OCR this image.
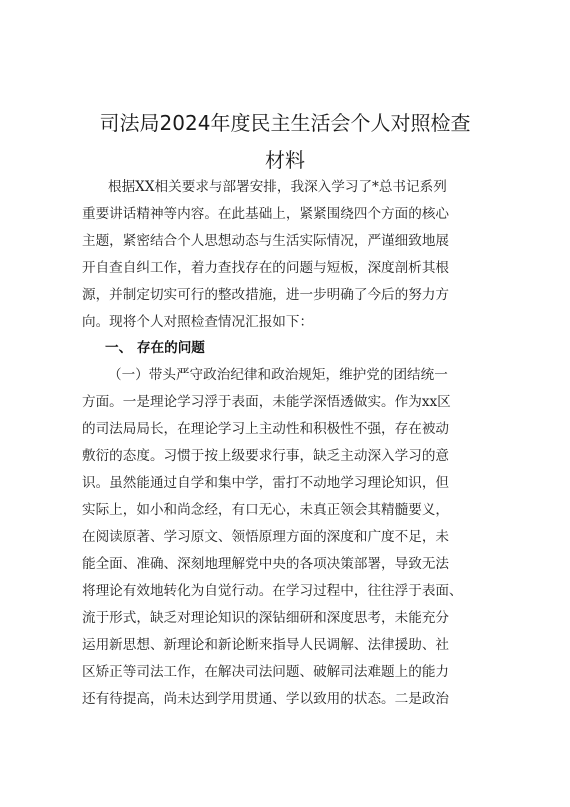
司法局2024年度民主生活会个人对照检查
材料

根据XX相关要求与部署安排，我深入学习了*总书记系列

重要讲话精神等内容。在此基础上，紧紧围绕四个方面的核心

主题，紧密结合个人思想动态与生活实际情况，严谨细致地展

开自查自纠工作，着力查找存在的问题与短板，深度剖析其根

源，并制定切实可行的整改措施，进一步明确了今后的努力方

向。现将个人对照检查情况汇报如下：

一、 存在的问题

（一）带头严守政治纪律和政治规矩，维护党的团结统一

方面。一是理论学习浮于表面，未能学深悟透做实。作为xx区

的司法局局长，在理论学习上主动性和积极性不强，存在被动

敷衍的态度。习惯于按上级要求行事，缺乏主动深入学习的意

识。虽然能通过自学和集中学，雷打不动地学习理论知识，但

实际上，如小和尚念经，有口无心，未真正领会其精髓要义，

在阅读原著、学习原文、领悟原理方面的深度和广度不足，未

能全面、准确、深刻地理解党中央的各项决策部署，导致无法

将理论有效地转化为自觉行动。在学习过程中，往往浮于表面、

流于形式，缺乏对理论知识的深钻细研和深度思考，未能充分

运用新思想、新理论和新论断来指导人民调解、法律援助、社

区矫正等司法工作，在解决司法问题、破解司法难题上的能力

还有待提高，尚未达到学用贯通、学以致用的状态。二是政治
